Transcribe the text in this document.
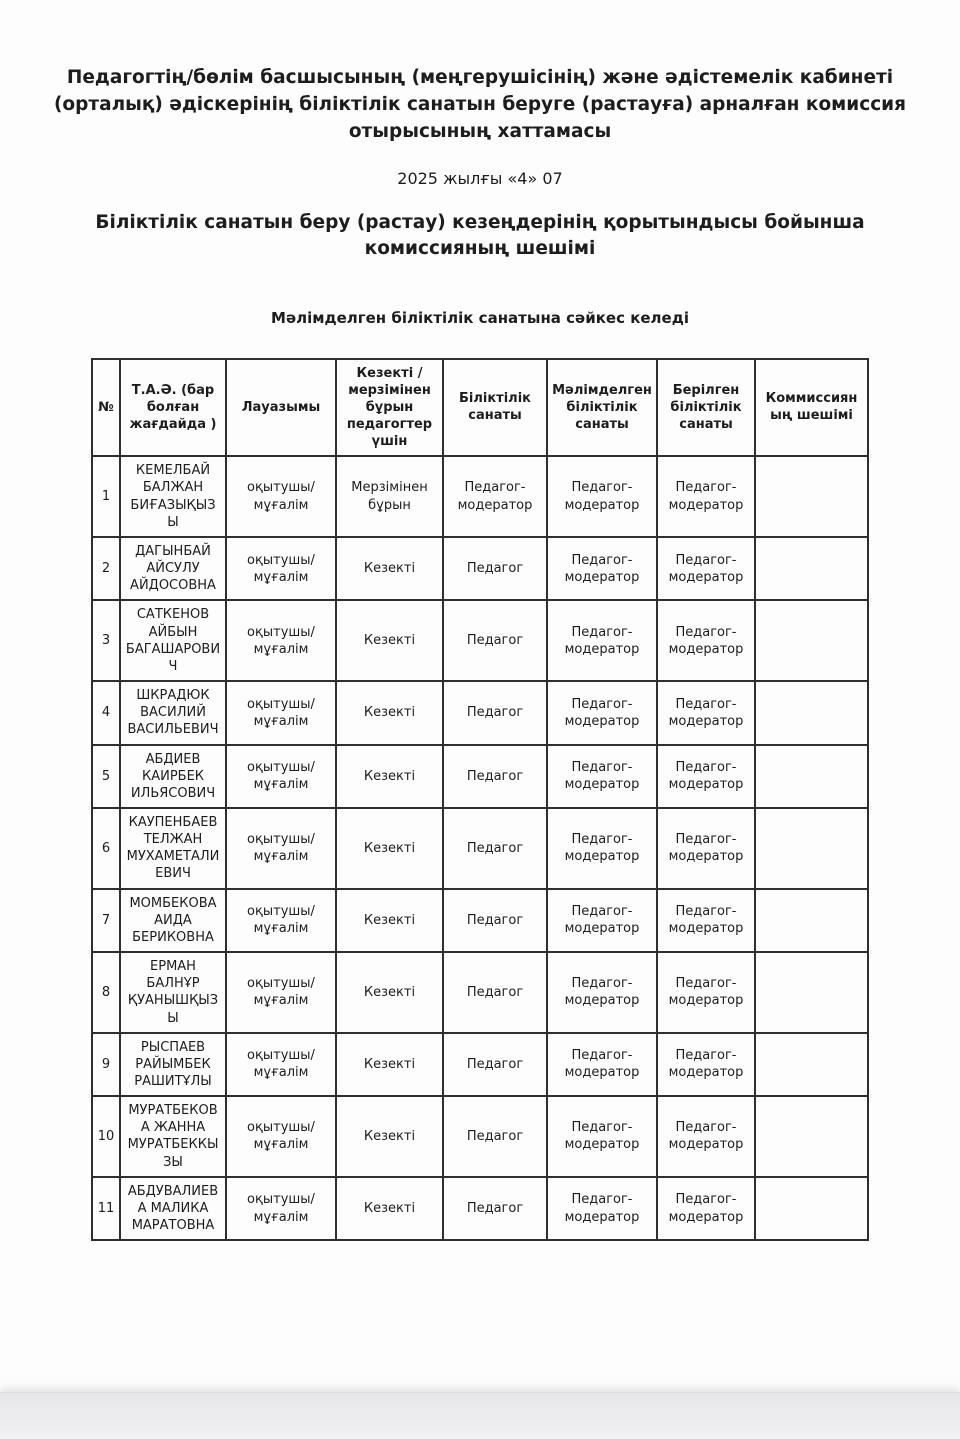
Педагогтің/бөлім басшысының (меңгерушісінің) және әдістемелік кабинеті (орталық) әдіскерінің біліктілік санатын беруге (растауға) арналған комиссия отырысының хаттамасы
2025 жылғы «4» 07
Біліктілік санатын беру (растау) кезеңдерінің қорытындысы бойынша комиссияның шешімі
Мәлімделген біліктілік санатына сәйкес келеді
№	Т.А.Ә. (бар болған жағдайда )	Лауазымы	Кезекті / мерзімінен бұрын педагогтер үшін	Біліктілік санаты	Мәлімделген біліктілік санаты	Берілген біліктілік санаты	Коммиссияның шешімі
1	КЕМЕЛБАЙ БАЛЖАН БИҒАЗЫҚЫЗЫ	оқытушы/мұғалім	Мерзімінен бұрын	Педагог-модератор	Педагог-модератор	Педагог-модератор	
2	ДАГЫНБАЙ АЙСУЛУ АЙДОСОВНА	оқытушы/мұғалім	Кезекті	Педагог	Педагог-модератор	Педагог-модератор	
3	САТКЕНОВ АЙБЫН БАГАШАРОВИЧ	оқытушы/мұғалім	Кезекті	Педагог	Педагог-модератор	Педагог-модератор	
4	ШКРАДЮК ВАСИЛИЙ ВАСИЛЬЕВИЧ	оқытушы/мұғалім	Кезекті	Педагог	Педагог-модератор	Педагог-модератор	
5	АБДИЕВ КАИРБЕК ИЛЬЯСОВИЧ	оқытушы/мұғалім	Кезекті	Педагог	Педагог-модератор	Педагог-модератор	
6	КАУПЕНБАЕВ ТЕЛЖАН МУХАМЕТАЛИЕВИЧ	оқытушы/мұғалім	Кезекті	Педагог	Педагог-модератор	Педагог-модератор	
7	МОМБЕКОВА АИДА БЕРИКОВНА	оқытушы/мұғалім	Кезекті	Педагог	Педагог-модератор	Педагог-модератор	
8	ЕРМАН БАЛНҰР ҚУАНЫШҚЫЗЫ	оқытушы/мұғалім	Кезекті	Педагог	Педагог-модератор	Педагог-модератор	
9	РЫСПАЕВ РАЙЫМБЕК РАШИТҰЛЫ	оқытушы/мұғалім	Кезекті	Педагог	Педагог-модератор	Педагог-модератор	
10	МУРАТБЕКОВА ЖАННА МУРАТБЕККЫЗЫ	оқытушы/мұғалім	Кезекті	Педагог	Педагог-модератор	Педагог-модератор	
11	АБДУВАЛИЕВА МАЛИКА МАРАТОВНА	оқытушы/мұғалім	Кезекті	Педагог	Педагог-модератор	Педагог-модератор	
